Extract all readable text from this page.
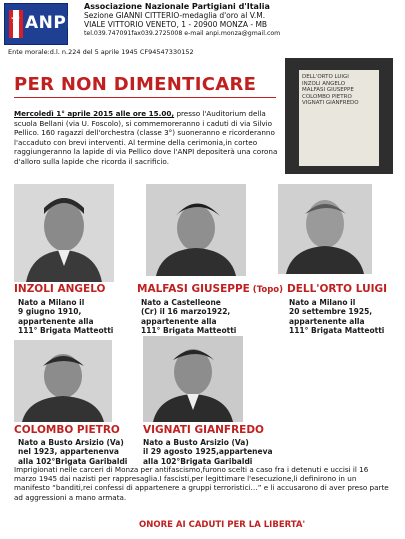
★ ANPI
Associazione Nazionale Partigiani d'Italia
Sezione GIANNI CITTERIO-medaglia d'oro al V.M.
VIALE VITTORIO VENETO, 1 - 20900 MONZA - MB
tel.039.747091fax039.2725008 e-mail anpi.monza@gmail.com
Ente morale:d.l. n.224 del 5 aprile 1945 CF94547330152
DELL'ORTO LUIGI
INZOLI ANGELO
MALFASI GIUSEPPE
COLOMBO PIETRO
VIGNATI GIANFREDO
PER NON DIMENTICARE
Mercoledì 1° aprile 2015 alle ore 15.00, presso l'Auditorium della scuola Bellani (via U. Foscolo), si commemoreranno i caduti di via Silvio Pellico. 160 ragazzi dell'orchestra (classe 3°) suoneranno e ricorderanno l'accaduto con brevi interventi. Al termine della cerimonia,in corteo raggiungeranno la lapide di via Pellico dove l'ANPI depositerà una corona d'alloro sulla lapide che ricorda il sacrificio.
INZOLI ANGELO
Nato a Milano il
9 giugno 1910,
appartenente alla
111° Brigata Matteotti
MALFASI GIUSEPPE (Topo)
Nato a Castelleone
(Cr) il 16 marzo1922,
appartenente alla
111° Brigata Matteotti
DELL'ORTO LUIGI
Nato a Milano il
20 settembre 1925,
appartenente alla
111° Brigata Matteotti
COLOMBO PIETRO
Nato a Busto Arsizio (Va)
nel 1923, appartenenva
alla 102°Brigata Garibaldi
VIGNATI GIANFREDO
Nato a Busto Arsizio (Va)
il 29 agosto 1925,apparteneva
alla 102°Brigata Garibaldi
Imprigionati nelle carceri di Monza per antifascismo,furono scelti a caso fra i detenuti e uccisi il 16 marzo 1945 dai nazisti per rappresaglia.I fascisti,per legittimare l'esecuzione,li definirono in un manifesto “banditi,rei confessi di appartenere a gruppi terroristici…” e li accusarono di aver preso parte ad aggressioni a mano armata.
ONORE AI CADUTI PER LA LIBERTA'
